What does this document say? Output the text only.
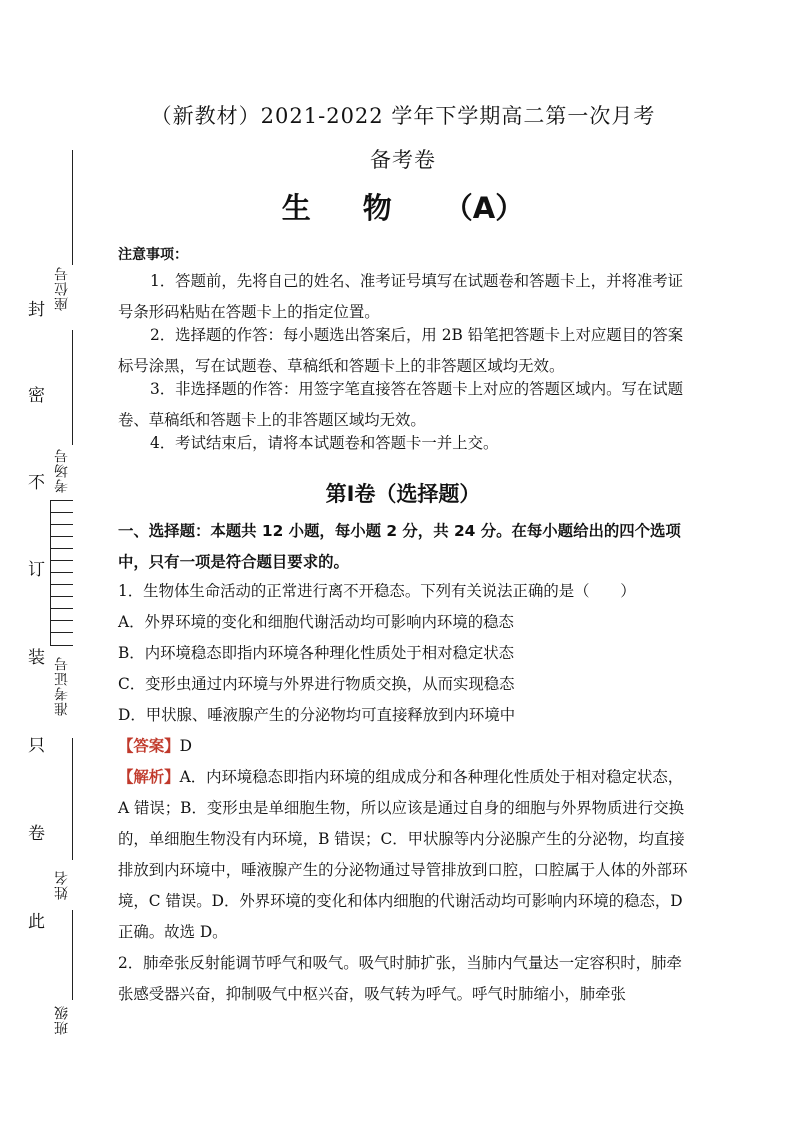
座位号
考场号
准考证号
姓名
班级
封
密
不
订
装
只
卷
此
（新教材）2021-2022 学年下学期高二第一次月考
备考卷
生 物 （A）
注意事项：
1．答题前，先将自己的姓名、准考证号填写在试题卷和答题卡上，并将准考证号条形码粘贴在答题卡上的指定位置。
2．选择题的作答：每小题选出答案后，用 2B 铅笔把答题卡上对应题目的答案标号涂黑，写在试题卷、草稿纸和答题卡上的非答题区域均无效。
3．非选择题的作答：用签字笔直接答在答题卡上对应的答题区域内。写在试题卷、草稿纸和答题卡上的非答题区域均无效。
4．考试结束后，请将本试题卷和答题卡一并上交。
第Ⅰ卷（选择题）
一、选择题：本题共 12 小题，每小题 2 分，共 24 分。在每小题给出的四个选项中，只有一项是符合题目要求的。
1．生物体生命活动的正常进行离不开稳态。下列有关说法正确的是（　　）
A．外界环境的变化和细胞代谢活动均可影响内环境的稳态
B．内环境稳态即指内环境各种理化性质处于相对稳定状态
C．变形虫通过内环境与外界进行物质交换，从而实现稳态
D．甲状腺、唾液腺产生的分泌物均可直接释放到内环境中
【答案】D
【解析】A．内环境稳态即指内环境的组成成分和各种理化性质处于相对稳定状态，A 错误；B．变形虫是单细胞生物，所以应该是通过自身的细胞与外界物质进行交换的，单细胞生物没有内环境，B 错误；C．甲状腺等内分泌腺产生的分泌物，均直接排放到内环境中，唾液腺产生的分泌物通过导管排放到口腔，口腔属于人体的外部环境，C 错误。D．外界环境的变化和体内细胞的代谢活动均可影响内环境的稳态，D 正确。故选 D。
2．肺牵张反射能调节呼气和吸气。吸气时肺扩张，当肺内气量达一定容积时，肺牵张感受器兴奋，抑制吸气中枢兴奋，吸气转为呼气。呼气时肺缩小，肺牵张
